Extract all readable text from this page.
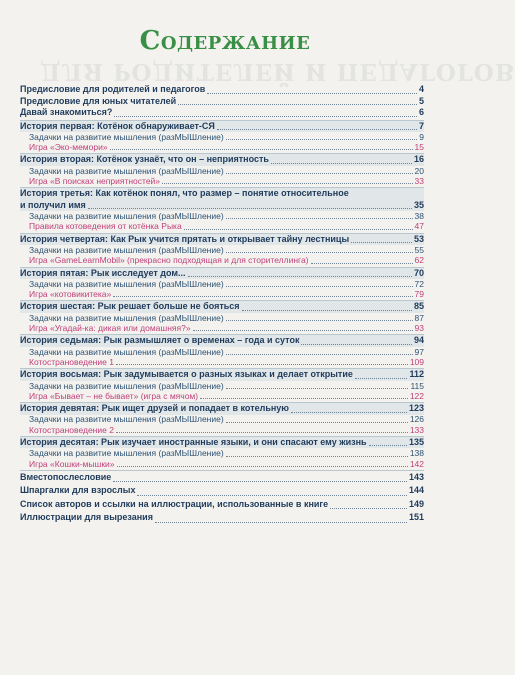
ДЛЯ РОДИТЕЛЕЙ И ПЕДАГОГОВ
Содержание
Предисловие для родителей и педагогов	4
Предисловие для юных читателей	5
Давай знакомиться?	6
История первая: Котёнок обнаруживает-СЯ	7
Задачки на развитие мышления (разМЫШление)	9
Игра «Эко-мемори»	15
История вторая: Котёнок узнаёт, что он – неприятность	16
Задачки на развитие мышления (разМЫШление)	20
Игра «В поисках неприятностей»	33
История третья: Как котёнок понял, что размер – понятие относительное
и получил имя	35
Задачки на развитие мышления (разМЫШление)	38
Правила котоведения от котёнка Рыка	47
История четвертая: Как Рык учится прятать и открывает тайну лестницы	53
Задачки на развитие мышления (разМЫШление)	55
Игра «GameLearnMobil» (прекрасно подходящая и для сторителлинга)	62
История пятая: Рык исследует дом...	70
Задачки на развитие мышления (разМЫШление)	72
Игра «котовикитека»	79
История шестая: Рык решает больше не бояться	85
Задачки на развитие мышления (разМЫШление)	87
Игра «Угадай-ка: дикая или домашняя?»	93
История седьмая: Рык размышляет о временах – года и суток	94
Задачки на развитие мышления (разМЫШление)	97
Котострановедение 1	109
История восьмая: Рык задумывается о разных языках и делает открытие	112
Задачки на развитие мышления (разМЫШление)	115
Игра «Бывает – не бывает» (игра с мячом)	122
История девятая: Рык ищет друзей и попадает в котельную	123
Задачки на развитие мышления (разМЫШление)	126
Котострановедение 2	133
История десятая: Рык изучает иностранные языки, и они спасают ему жизнь	135
Задачки на развитие мышления (разМЫШление)	138
Игра «Кошки-мышки»	142
Вместопослесловие	143
Шпаргалки для взрослых	144
Список авторов и ссылки на иллюстрации, использованные в книге	149
Иллюстрации для вырезания	151
